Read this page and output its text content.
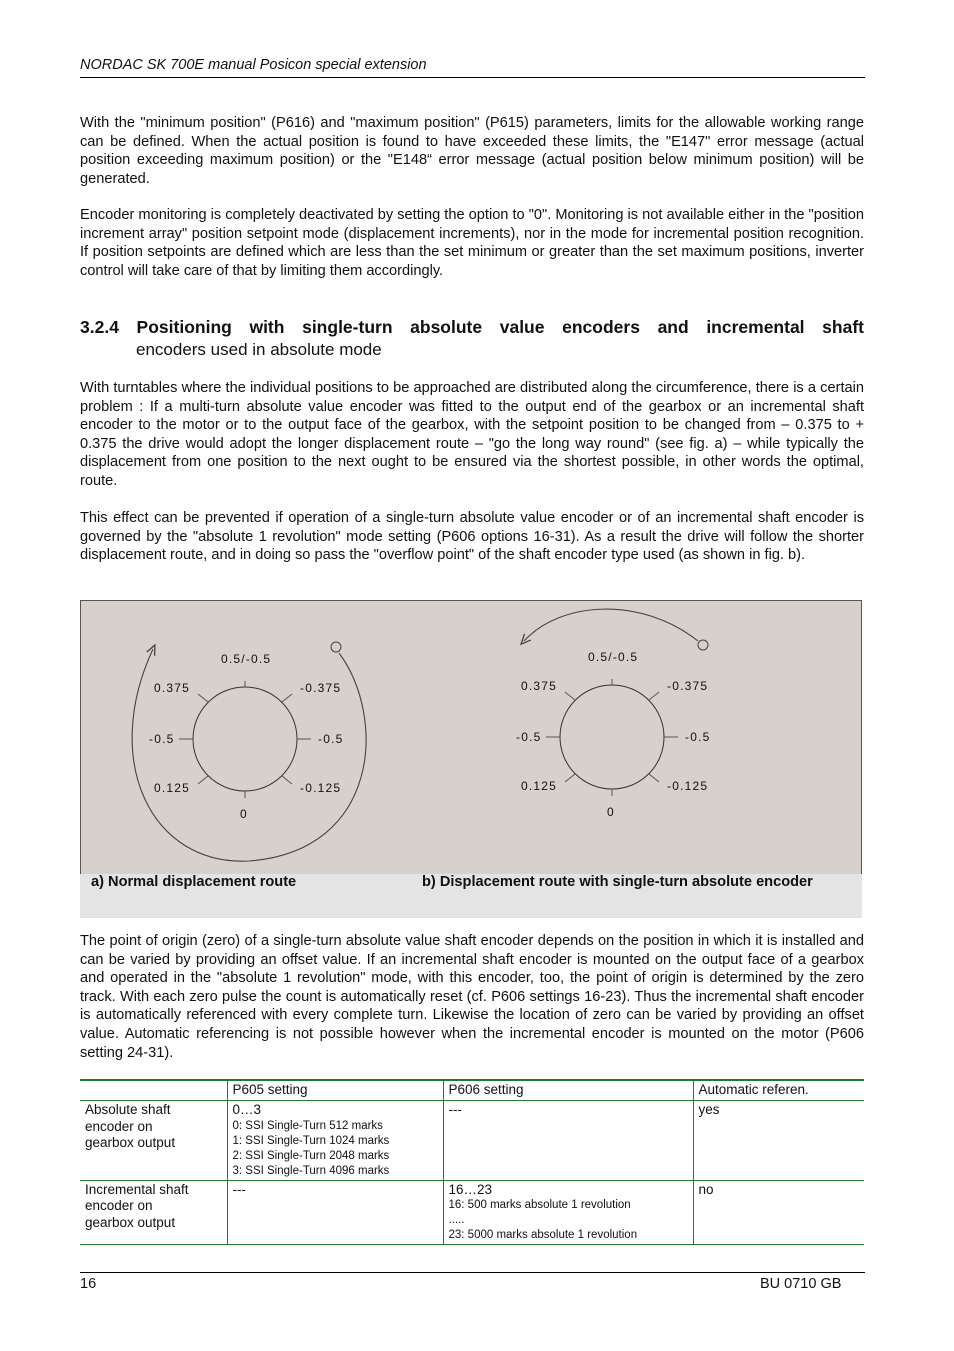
NORDAC SK 700E manual Posicon special extension
With the "minimum position" (P616) and "maximum position" (P615) parameters, limits for the allowable working range can be defined. When the actual position is found to have exceeded these limits, the "E147" error message (actual position exceeding maximum position) or the "E148“ error message (actual position below minimum position) will be generated.
Encoder monitoring is completely deactivated by setting the option to "0". Monitoring is not available either in the "position increment array" position setpoint mode (displacement increments), nor in the mode for incremental position recognition. If position setpoints are defined which are less than the set minimum or greater than the set maximum positions, inverter control will take care of that by limiting them accordingly.
3.2.4 Positioning with single-turn absolute value encoders and incremental shaft
encoders used in absolute mode
With turntables where the individual positions to be approached are distributed along the circumference, there is a certain problem : If a multi-turn absolute value encoder was fitted to the output end of the gearbox or an incremental shaft encoder to the motor or to the output face of the gearbox, with the setpoint position to be changed from – 0.375 to + 0.375 the drive would adopt the longer displacement route – "go the long way round" (see fig. a) – while typically the displacement from one position to the next ought to be ensured via the shortest possible, in other words the optimal, route.
This effect can be prevented if operation of a single-turn absolute value encoder or of an incremental shaft encoder is governed by the "absolute 1 revolution" mode setting (P606 options 16-31). As a result the drive will follow the shorter displacement route, and in doing so pass the "overflow point" of the shaft encoder type used (as shown in fig. b).
0.5/-0.5
0.375	-0.375
-0.5	-0.5
0.125	-0.125
0
0.5/-0.5
0.375	-0.375
-0.5	-0.5
0.125	-0.125
0
a) Normal displacement route	b) Displacement route with single-turn absolute encoder
The point of origin (zero) of a single-turn absolute value shaft encoder depends on the position in which it is installed and can be varied by providing an offset value. If an incremental shaft encoder is mounted on the output face of a gearbox and operated in the "absolute 1 revolution" mode, with this encoder, too, the point of origin is determined by the zero track. With each zero pulse the count is automatically reset (cf. P606 settings 16-23). Thus the incremental shaft encoder is automatically referenced with every complete turn. Likewise the location of zero can be varied by providing an offset value. Automatic referencing is not possible however when the incremental encoder is mounted on the motor (P606 setting 24-31).
	P605 setting	P606 setting	Automatic referen.

Absolute shaft
encoder on
gearbox output	0…3
0: SSI Single-Turn 512 marks
1: SSI Single-Turn 1024 marks
2: SSI Single-Turn 2048 marks
3: SSI Single-Turn 4096 marks	---	yes

Incremental shaft
encoder on
gearbox output	---	16…23
16: 500 marks absolute 1 revolution
.....
23: 5000 marks absolute 1 revolution	no
16	BU 0710 GB
